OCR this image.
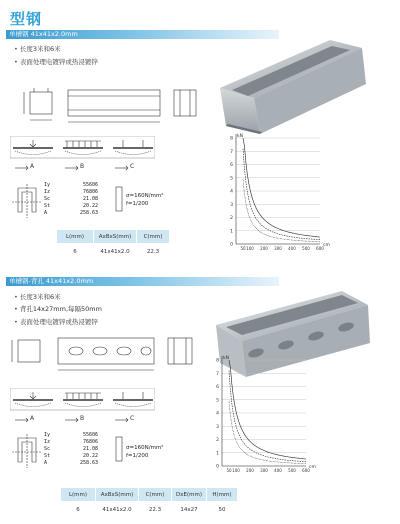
型钢
单槽钢 41x41x2.0mm
• 长度3米和6米
• 表面处理电镀锌或热浸镀锌
A	B	C
Iy	55606
Iz	76806
Sc	21.08
St	20.22
A	258.63
σ=160N/mm²
f=1/200
L(mm)	AxBxS(mm)	C(mm)
6	41x41x2.0	22.3
0
1
2
3
4
5
6
7
8
50 100 200 300 400 500 600
kN
cm
单槽钢-背孔 41x41x2.0mm
• 长度3米和6米
• 背孔14x27mm,每隔50mm
• 表面处理电镀锌或热浸镀锌
A	B	C
Iy	55606
Iz	76806
Sc	21.08
St	20.22
A	258.63
σ=160N/mm²
f=1/200
L(mm)	AxBxS(mm)	C(mm)	DxE(mm)	H(mm)
6	41x41x2.0	22.3	14x27	50
0
1
2
3
4
5
6
7
8
50 100 200 300 400 500 600
kN
cm
